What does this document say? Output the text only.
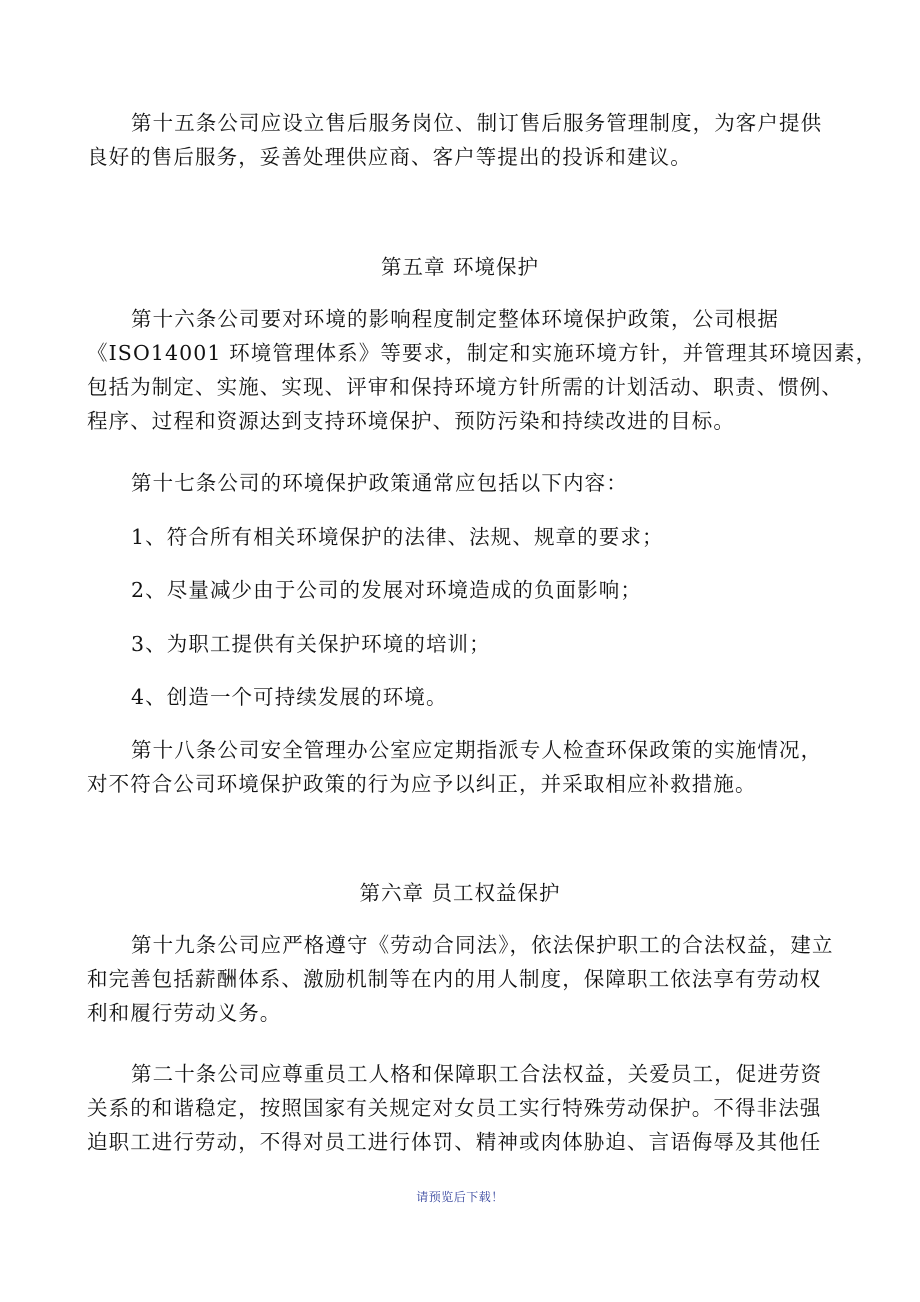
第十五条公司应设立售后服务岗位、制订售后服务管理制度，为客户提供
良好的售后服务，妥善处理供应商、客户等提出的投诉和建议。

第五章 环境保护

第十六条公司要对环境的影响程度制定整体环境保护政策，公司根据
《ISO14001 环境管理体系》等要求，制定和实施环境方针，并管理其环境因素，
包括为制定、实施、实现、评审和保持环境方针所需的计划活动、职责、惯例、
程序、过程和资源达到支持环境保护、预防污染和持续改进的目标。

第十七条公司的环境保护政策通常应包括以下内容：

1、符合所有相关环境保护的法律、法规、规章的要求；

2、尽量减少由于公司的发展对环境造成的负面影响；

3、为职工提供有关保护环境的培训；

4、创造一个可持续发展的环境。

第十八条公司安全管理办公室应定期指派专人检查环保政策的实施情况，
对不符合公司环境保护政策的行为应予以纠正，并采取相应补救措施。

第六章 员工权益保护

第十九条公司应严格遵守《劳动合同法》，依法保护职工的合法权益，建立
和完善包括薪酬体系、激励机制等在内的用人制度，保障职工依法享有劳动权
利和履行劳动义务。

第二十条公司应尊重员工人格和保障职工合法权益，关爱员工，促进劳资
关系的和谐稳定，按照国家有关规定对女员工实行特殊劳动保护。不得非法强
迫职工进行劳动，不得对员工进行体罚、精神或肉体胁迫、言语侮辱及其他任

请预览后下载！
